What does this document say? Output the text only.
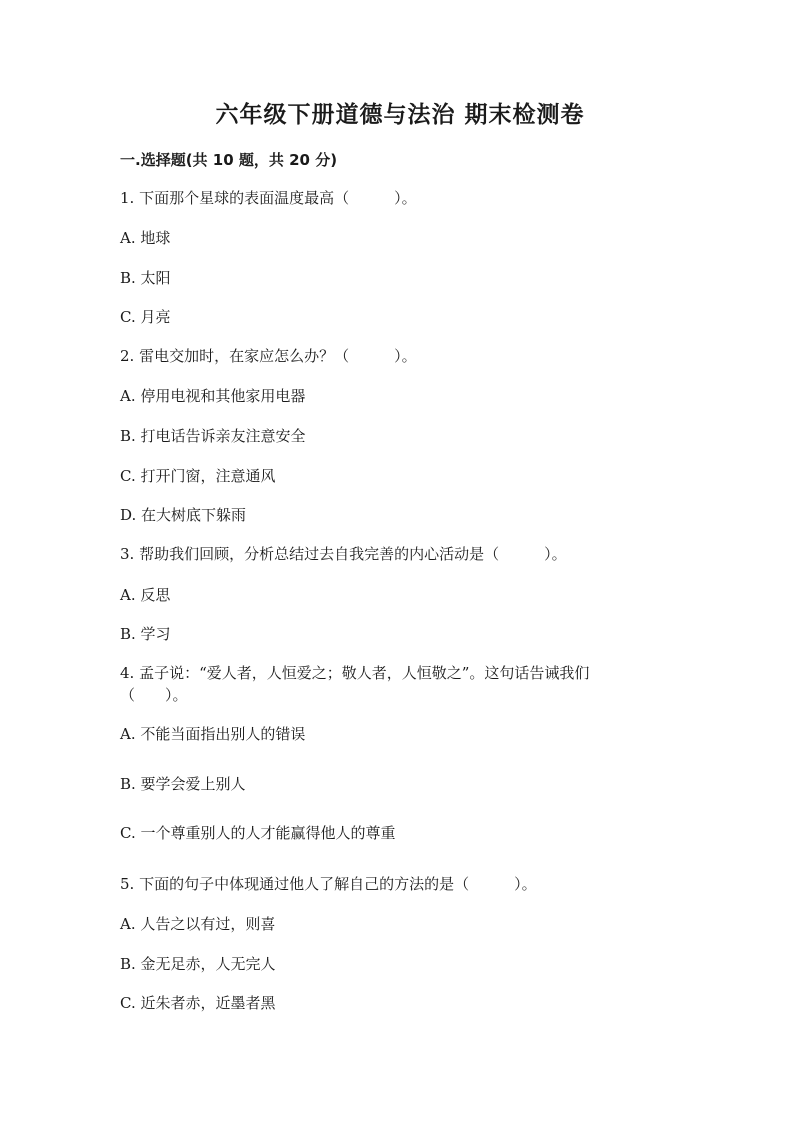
六年级下册道德与法治 期末检测卷
一.选择题(共 10 题，共 20 分)
1. 下面那个星球的表面温度最高（　　　）。
A. 地球
B. 太阳
C. 月亮
2. 雷电交加时，在家应怎么办？（　　　）。
A. 停用电视和其他家用电器
B. 打电话告诉亲友注意安全
C. 打开门窗，注意通风
D. 在大树底下躲雨
3. 帮助我们回顾，分析总结过去自我完善的内心活动是（　　　）。
A. 反思
B. 学习
4. 孟子说：“爱人者，人恒爱之；敬人者，人恒敬之”。这句话告诫我们（　　）。
A. 不能当面指出别人的错误
B. 要学会爱上别人
C. 一个尊重别人的人才能赢得他人的尊重
5. 下面的句子中体现通过他人了解自己的方法的是（　　　）。
A. 人告之以有过，则喜
B. 金无足赤，人无完人
C. 近朱者赤，近墨者黑
